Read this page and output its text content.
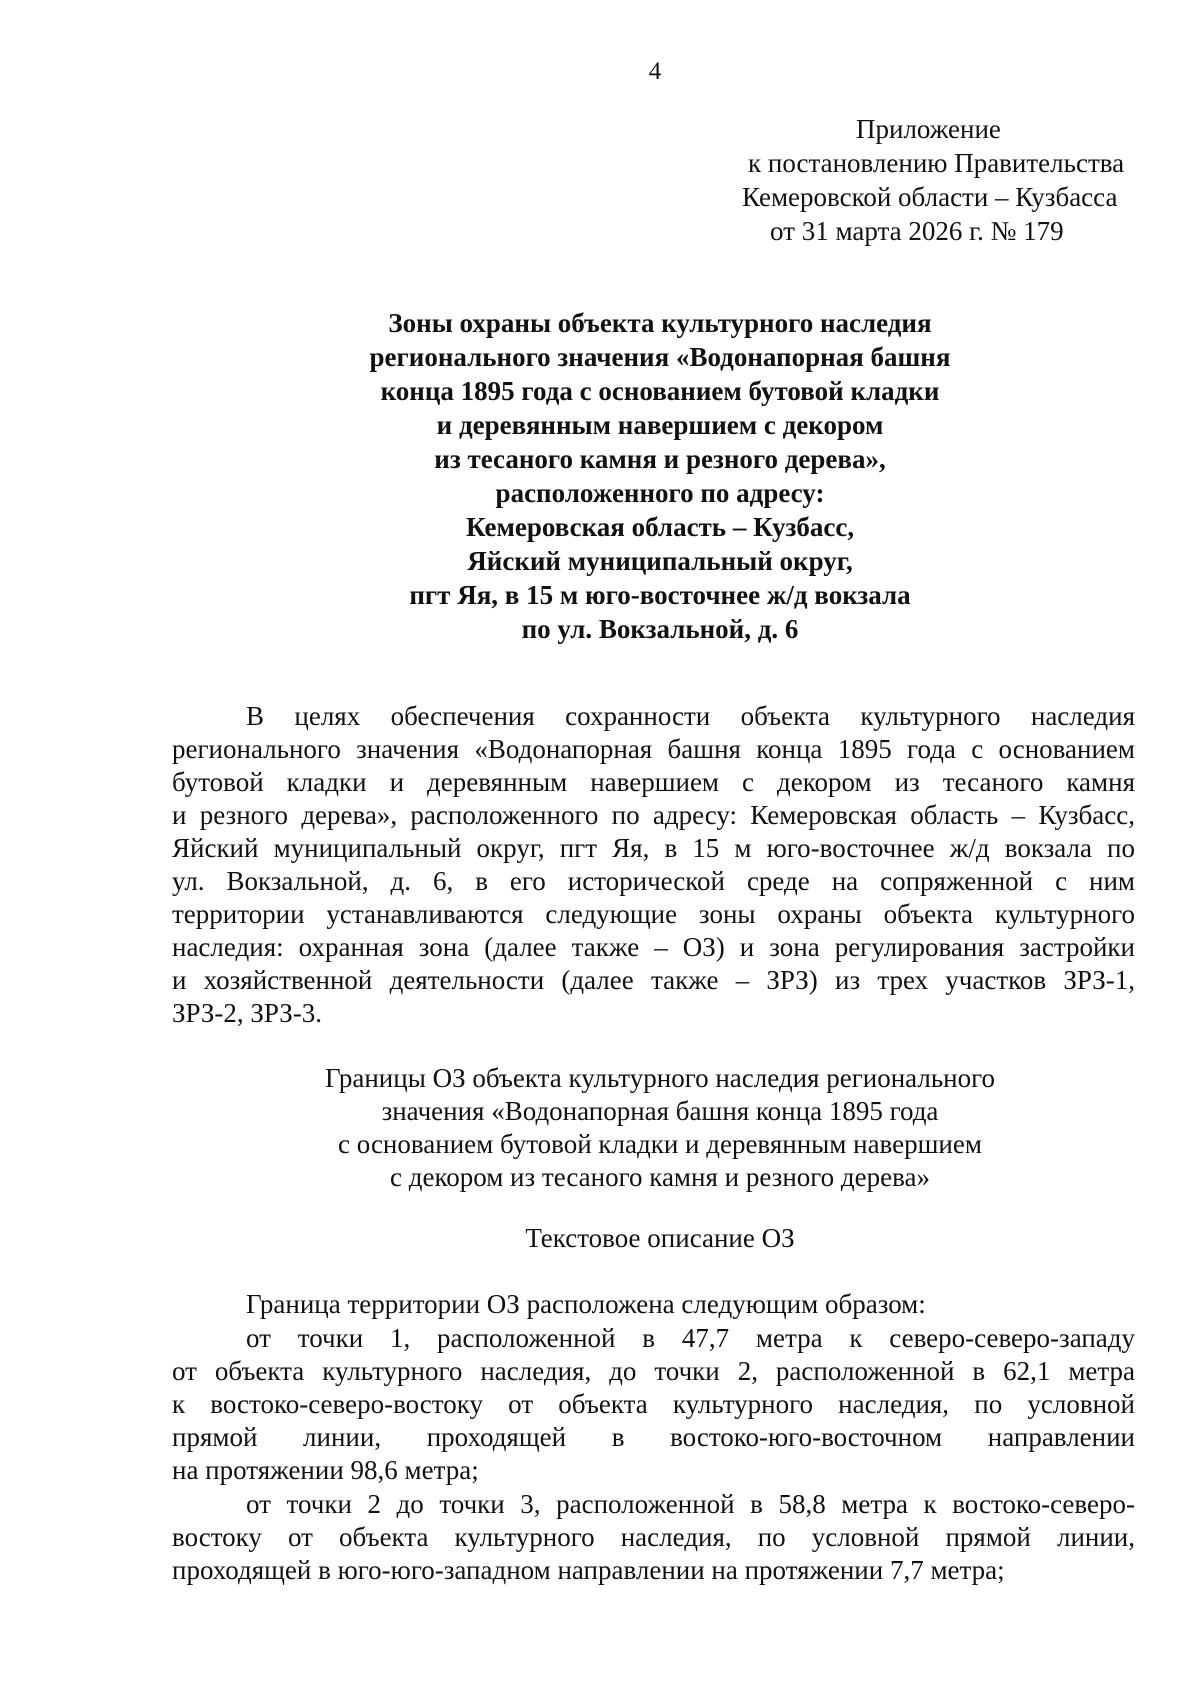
4
Приложение
к постановлению Правительства
Кемеровской области – Кузбасса
от 31 марта 2026 г. № 179
Зоны охраны объекта культурного наследия
регионального значения «Водонапорная башня
конца 1895 года с основанием бутовой кладки
и деревянным навершием с декором
из тесаного камня и резного дерева»,
расположенного по адресу:
Кемеровская область – Кузбасс,
Яйский муниципальный округ,
пгт Яя, в 15 м юго-восточнее ж/д вокзала
по ул. Вокзальной, д. 6
В целях обеспечения сохранности объекта культурного наследия
регионального значения «Водонапорная башня конца 1895 года с основанием
бутовой кладки и деревянным навершием с декором из тесаного камня
и резного дерева», расположенного по адресу: Кемеровская область – Кузбасс,
Яйский муниципальный округ, пгт Яя, в 15 м юго-восточнее ж/д вокзала по
ул. Вокзальной, д. 6, в его исторической среде на сопряженной с ним
территории устанавливаются следующие зоны охраны объекта культурного
наследия: охранная зона (далее также – ОЗ) и зона регулирования застройки
и хозяйственной деятельности (далее также – ЗРЗ) из трех участков ЗРЗ-1,
ЗРЗ-2, ЗРЗ-3.
Границы ОЗ объекта культурного наследия регионального
значения «Водонапорная башня конца 1895 года
с основанием бутовой кладки и деревянным навершием
с декором из тесаного камня и резного дерева»
Текстовое описание ОЗ
Граница территории ОЗ расположена следующим образом:
от точки 1, расположенной в 47,7 метра к северо-северо-западу
от объекта культурного наследия, до точки 2, расположенной в 62,1 метра
к востоко-северо-востоку от объекта культурного наследия, по условной
прямой линии, проходящей в востоко-юго-восточном направлении
на протяжении 98,6 метра;
от точки 2 до точки 3, расположенной в 58,8 метра к востоко-северо-
востоку от объекта культурного наследия, по условной прямой линии,
проходящей в юго-юго-западном направлении на протяжении 7,7 метра;
